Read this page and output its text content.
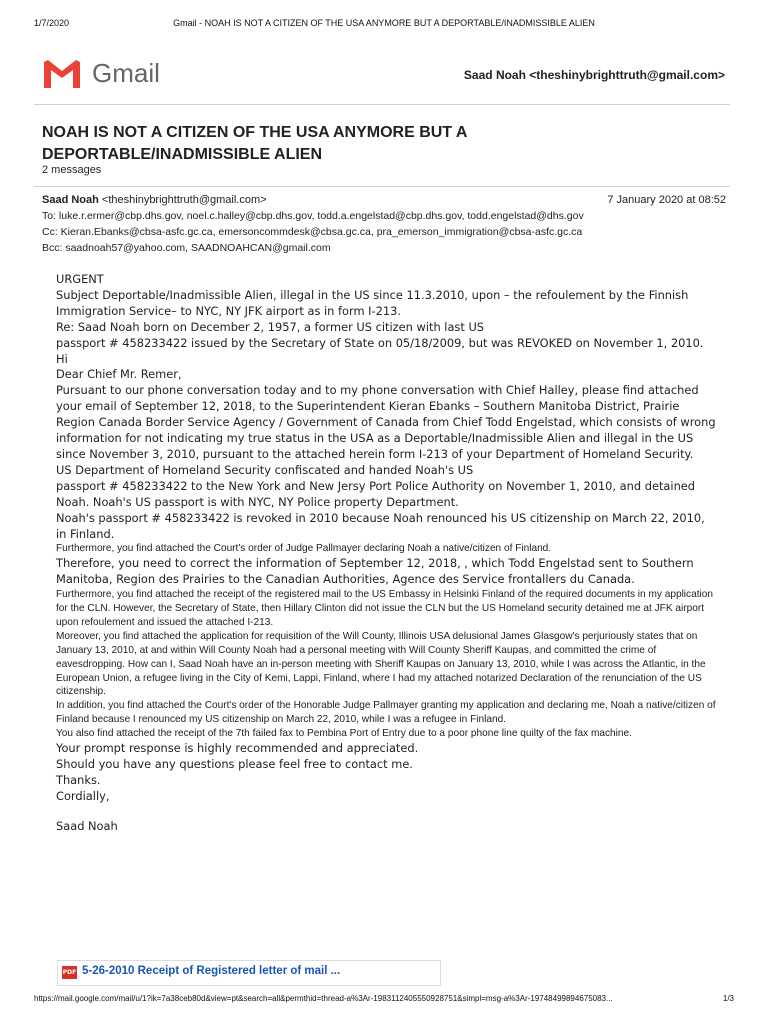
1/7/2020	Gmail - NOAH IS NOT A CITIZEN OF THE USA ANYMORE BUT A DEPORTABLE/INADMISSIBLE ALIEN
Gmail	Saad Noah <theshinybrighttruth@gmail.com>
NOAH IS NOT A CITIZEN OF THE USA ANYMORE BUT A DEPORTABLE/INADMISSIBLE ALIEN
2 messages
Saad Noah <theshinybrighttruth@gmail.com>	7 January 2020 at 08:52
To: luke.r.ermer@cbp.dhs.gov, noel.c.halley@cbp.dhs.gov, todd.a.engelstad@cbp.dhs.gov, todd.engelstad@dhs.gov
Cc: Kieran.Ebanks@cbsa-asfc.gc.ca, emersoncommdesk@cbsa.gc.ca, pra_emerson_immigration@cbsa-asfc.gc.ca
Bcc: saadnoah57@yahoo.com, SAADNOAHCAN@gmail.com

URGENT

Subject Deportable/Inadmissible Alien, illegal in the US since 11.3.2010, upon – the refoulement by the Finnish Immigration Service– to NYC, NY JFK airport as in form I-213.

Re: Saad Noah born on December 2, 1957, a former US citizen with last US

passport # 458233422 issued by the Secretary of State on 05/18/2009, but was REVOKED on November 1, 2010.

Hi

Dear Chief Mr. Remer,

Pursuant to our phone conversation today and to my phone conversation with Chief Halley, please find attached your email of September 12, 2018, to the Superintendent Kieran Ebanks – Southern Manitoba District, Prairie Region Canada Border Service Agency / Government of Canada from Chief Todd Engelstad, which consists of wrong information for not indicating my true status in the USA as a Deportable/Inadmissible Alien and illegal in the US since November 3, 2010, pursuant to the attached herein form I-213 of your Department of Homeland Security.

US Department of Homeland Security confiscated and handed Noah's US

passport # 458233422 to the New York and New Jersy Port Police Authority on November 1, 2010, and detained Noah. Noah's US passport is with NYC, NY Police property Department.

Noah's passport # 458233422 is revoked in 2010 because Noah renounced his US citizenship on March 22, 2010, in Finland.

Furthermore, you find attached the Court's order of Judge Pallmayer declaring Noah a native/citizen of Finland.

Therefore, you need to correct the information of September 12, 2018, , which Todd Engelstad sent to Southern Manitoba, Region des Prairies to the Canadian Authorities, Agence des Service frontallers du Canada.

Furthermore, you find attached the receipt of the registered mail to the US Embassy in Helsinki Finland of the required documents in my application for the CLN. However, the Secretary of State, then Hillary Clinton did not issue the CLN but the US Homeland security detained me at JFK airport upon refoulement and issued the attached I-213.

Moreover, you find attached the application for requisition of the Will County, Illinois USA delusional James Glasgow's perjuriously states that on January 13, 2010, at and within Will County Noah had a personal meeting with Will County Sheriff Kaupas, and committed the crime of eavesdropping. How can I, Saad Noah have an in-person meeting with Sheriff Kaupas on January 13, 2010, while I was across the Atlantic, in the European Union, a refugee living in the City of Kemi, Lappi, Finland, where I had my attached notarized Declaration of the renunciation of the US citizenship.

In addition, you find attached the Court's order of the Honorable Judge Pallmayer granting my application and declaring me, Noah a native/citizen of Finland because I renounced my US citizenship on March 22, 2010, while I was a refugee in Finland.

You also find attached the receipt of the 7th failed fax to Pembina Port of Entry due to a poor phone line quilty of the fax machine.

Your prompt response is highly recommended and appreciated.

Should you have any questions please feel free to contact me.

Thanks.

Cordially,

Saad Noah

PDF 5-26-2010 Receipt of Registered letter of mail ...
https://mail.google.com/mail/u/1?ik=7a38ceb80d&view=pt&search=all&permthid=thread-a%3Ar-1983112405550928751&simpl=msg-a%3Ar-19748499894675083...	1/3
